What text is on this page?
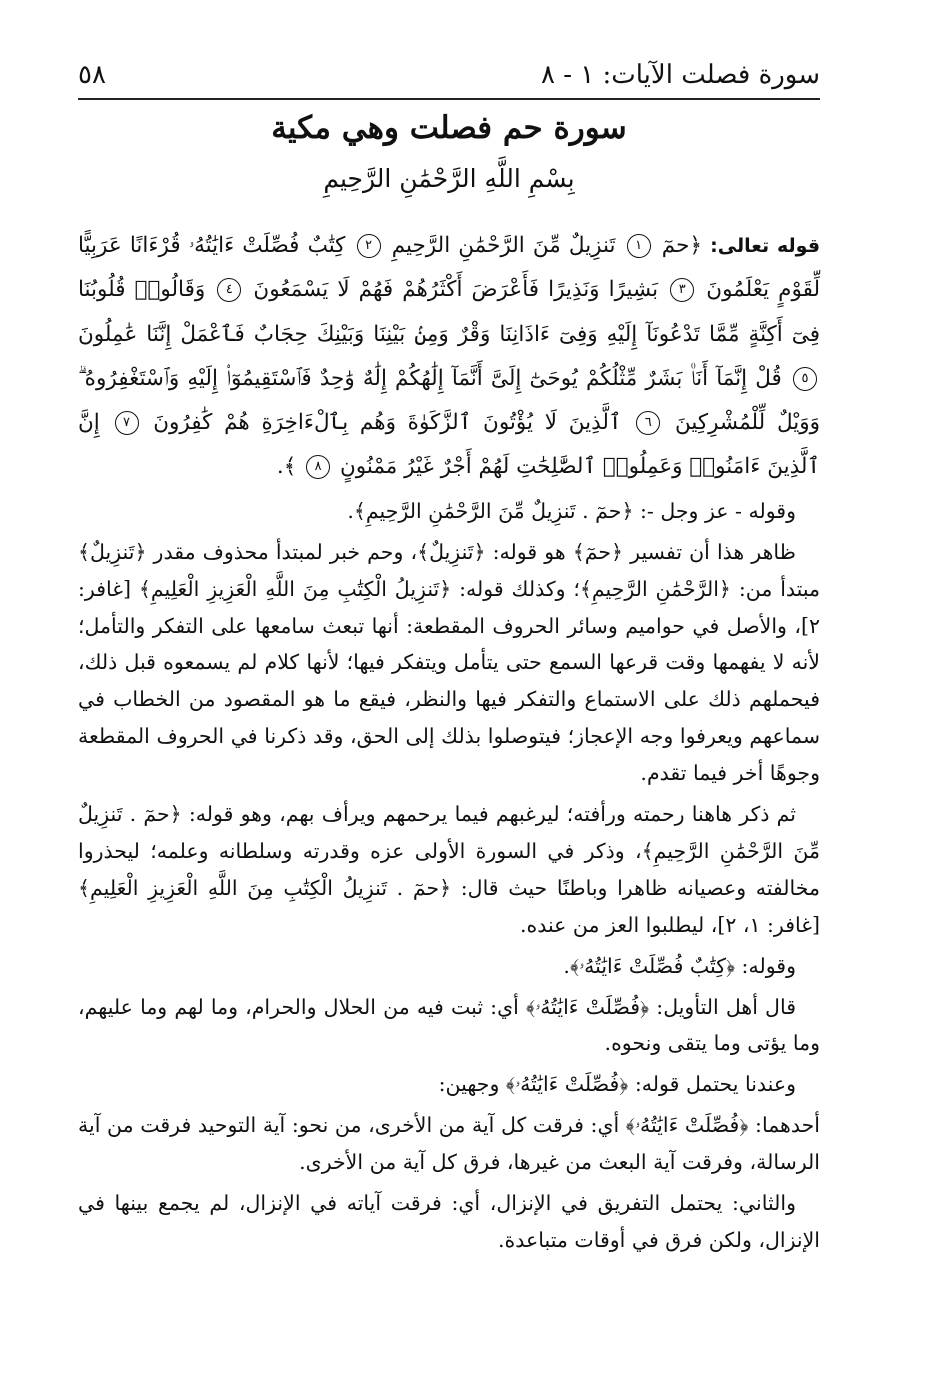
سورة فصلت الآيات: ١ - ٨
٥٨
سورة حم فصلت وهي مكية
بِسْمِ اللَّهِ الرَّحْمَٰنِ الرَّحِيمِ

قوله تعالى: ﴿حمٓ ١ تَنزِيلٌ مِّنَ الرَّحْمَٰنِ الرَّحِيمِ ٢ كِتَٰبٌ فُصِّلَتْ ءَايَٰتُهُۥ قُرْءَانًا عَرَبِيًّا لِّقَوْمٍ يَعْلَمُونَ ٣ بَشِيرًا وَنَذِيرًا فَأَعْرَضَ أَكْثَرُهُمْ فَهُمْ لَا يَسْمَعُونَ ٤ وَقَالُوا۟ قُلُوبُنَا فِىٓ أَكِنَّةٍ مِّمَّا تَدْعُونَآ إِلَيْهِ وَفِىٓ ءَاذَانِنَا وَقْرٌ وَمِنۢ بَيْنِنَا وَبَيْنِكَ حِجَابٌ فَٱعْمَلْ إِنَّنَا عَٰمِلُونَ ٥ قُلْ إِنَّمَآ أَنَا۠ بَشَرٌ مِّثْلُكُمْ يُوحَىٰٓ إِلَىَّ أَنَّمَآ إِلَٰهُكُمْ إِلَٰهٌ وَٰحِدٌ فَٱسْتَقِيمُوٓا۟ إِلَيْهِ وَٱسْتَغْفِرُوهُ ۗ وَوَيْلٌ لِّلْمُشْرِكِينَ ٦ ٱلَّذِينَ لَا يُؤْتُونَ ٱلزَّكَوٰةَ وَهُم بِٱلْءَاخِرَةِ هُمْ كَٰفِرُونَ ٧ إِنَّ ٱلَّذِينَ ءَامَنُوا۟ وَعَمِلُوا۟ ٱلصَّٰلِحَٰتِ لَهُمْ أَجْرٌ غَيْرُ مَمْنُونٍ ٨ ﴾.

وقوله - عز وجل -: ﴿حمٓ . تَنزِيلٌ مِّنَ الرَّحْمَٰنِ الرَّحِيمِ﴾.

ظاهر هذا أن تفسير ﴿حمٓ﴾ هو قوله: ﴿تَنزِيلٌ﴾، وحم خبر لمبتدأ محذوف مقدر ﴿تَنزِيلٌ﴾ مبتدأ من: ﴿الرَّحْمَٰنِ الرَّحِيمِ﴾؛ وكذلك قوله: ﴿تَنزِيلُ الْكِتَٰبِ مِنَ اللَّهِ الْعَزِيزِ الْعَلِيمِ﴾ [غافر: ٢]، والأصل في حواميم وسائر الحروف المقطعة: أنها تبعث سامعها على التفكر والتأمل؛ لأنه لا يفهمها وقت قرعها السمع حتى يتأمل ويتفكر فيها؛ لأنها كلام لم يسمعوه قبل ذلك، فيحملهم ذلك على الاستماع والتفكر فيها والنظر، فيقع ما هو المقصود من الخطاب في سماعهم ويعرفوا وجه الإعجاز؛ فيتوصلوا بذلك إلى الحق، وقد ذكرنا في الحروف المقطعة وجوهًا أخر فيما تقدم.

ثم ذكر هاهنا رحمته ورأفته؛ ليرغبهم فيما يرحمهم ويرأف بهم، وهو قوله: ﴿حمٓ . تَنزِيلٌ مِّنَ الرَّحْمَٰنِ الرَّحِيمِ﴾، وذكر في السورة الأولى عزه وقدرته وسلطانه وعلمه؛ ليحذروا مخالفته وعصيانه ظاهرا وباطنًا حيث قال: ﴿حمٓ . تَنزِيلُ الْكِتَٰبِ مِنَ اللَّهِ الْعَزِيزِ الْعَلِيمِ﴾ [غافر: ١، ٢]، ليطلبوا العز من عنده.

وقوله: ﴿كِتَٰبٌ فُصِّلَتْ ءَايَٰتُهُۥ﴾.

قال أهل التأويل: ﴿فُصِّلَتْ ءَايَٰتُهُۥ﴾ أي: ثبت فيه من الحلال والحرام، وما لهم وما عليهم، وما يؤتى وما يتقى ونحوه.

وعندنا يحتمل قوله: ﴿فُصِّلَتْ ءَايَٰتُهُۥ﴾ وجهين:

أحدهما: ﴿فُصِّلَتْ ءَايَٰتُهُۥ﴾ أي: فرقت كل آية من الأخرى، من نحو: آية التوحيد فرقت من آية الرسالة، وفرقت آية البعث من غيرها، فرق كل آية من الأخرى.

والثاني: يحتمل التفريق في الإنزال، أي: فرقت آياته في الإنزال، لم يجمع بينها في الإنزال، ولكن فرق في أوقات متباعدة.
